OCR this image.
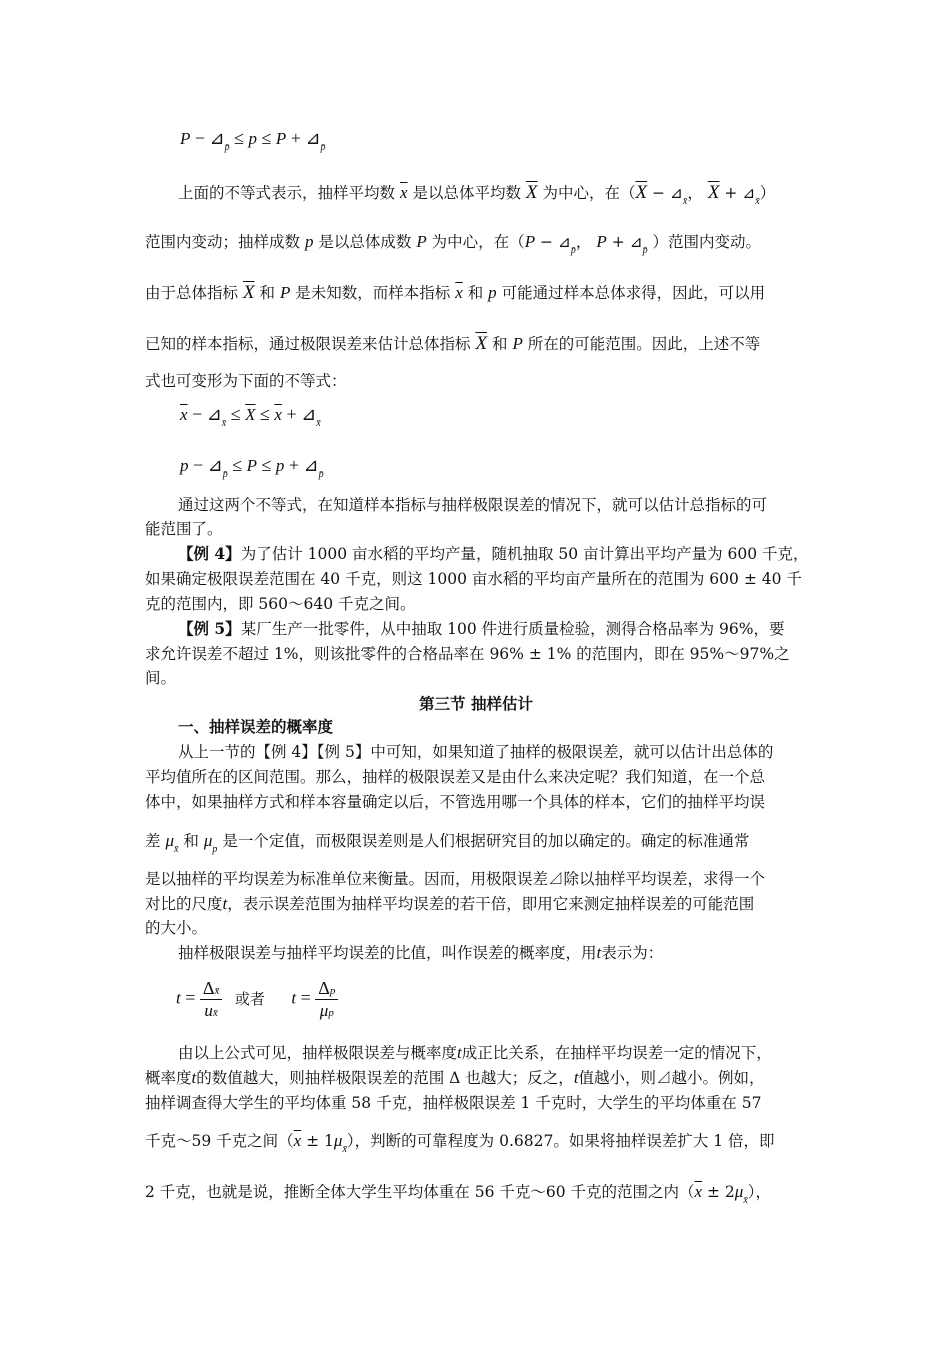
$P - ⊿_{p̄} \le p \le P$ + $⊿_{p̄}$
上面的不等式表示，抽样平均数 $\overline{x}$ 是以总体平均数 $\overline{X}$ 为中心，在（$\overline{X}$ − $⊿_{x̄}$， $\overline{X}$ + $⊿_{x̄}$）
范围内变动；抽样成数 p 是以总体成数 P 为中心，在（$P - ⊿_{p̄}$， $P + ⊿_{p̄}$ ）范围内变动。
由于总体指标 $\overline{X}$ 和 P 是未知数，而样本指标 $\overline{x}$ 和 p 可能通过样本总体求得，因此，可以用
已知的样本指标，通过极限误差来估计总体指标 $\overline{X}$ 和 P 所在的可能范围。因此，上述不等
式也可变形为下面的不等式：
$\overline{x}$ − $⊿_{x̄} \le \overline{X} \le \overline{x}$ + $⊿_{x̄}$
$p - ⊿_{p̄} \le P \le p$ + $⊿_{p̄}$
通过这两个不等式，在知道样本指标与抽样极限误差的情况下，就可以估计总指标的可
能范围了。
【例 4】为了估计 1000 亩水稻的平均产量，随机抽取 50 亩计算出平均产量为 600 千克，
如果确定极限误差范围在 40 千克，则这 1000 亩水稻的平均亩产量所在的范围为 600 ± 40 千
克的范围内，即 560～640 千克之间。
【例 5】某厂生产一批零件，从中抽取 100 件进行质量检验，测得合格品率为 96%，要
求允许误差不超过 1%，则该批零件的合格品率在 96% ± 1% 的范围内，即在 95%～97%之
间。
第三节 抽样估计
一、抽样误差的概率度
从上一节的【例 4】【例 5】中可知，如果知道了抽样的极限误差，就可以估计出总体的
平均值所在的区间范围。那么，抽样的极限误差又是由什么来决定呢？我们知道，在一个总
体中，如果抽样方式和样本容量确定以后，不管选用哪一个具体的样本，它们的抽样平均误
差 $\mu_{x̄}$ 和 $\mu_p$ 是一个定值，而极限误差则是人们根据研究目的加以确定的。确定的标准通常
是以抽样的平均误差为标准单位来衡量。因而，用极限误差⊿除以抽样平均误差，求得一个
对比的尺度t，表示误差范围为抽样平均误差的若干倍，即用它来测定抽样误差的可能范围
的大小。
抽样极限误差与抽样平均误差的比值，叫作误差的概率度，用t表示为：
$t = \frac{\Delta x̄}{ux̄}$ 或者 $t = \frac{\Delta p}{\mu p}$
由以上公式可见，抽样极限误差与概率度t成正比关系，在抽样平均误差一定的情况下，
概率度t的数值越大，则抽样极限误差的范围 Δ 也越大；反之，t值越小，则⊿越小。例如，
抽样调查得大学生的平均体重 58 千克，抽样极限误差 1 千克时，大学生的平均体重在 57
千克～59 千克之间$(\overline{x} \pm 1\mu_{x̄})$，判断的可靠程度为 0.6827。如果将抽样误差扩大 1 倍，即
2 千克，也就是说，推断全体大学生平均体重在 56 千克～60 千克的范围之内$(\overline{x} \pm 2\mu_{x̄})$，
